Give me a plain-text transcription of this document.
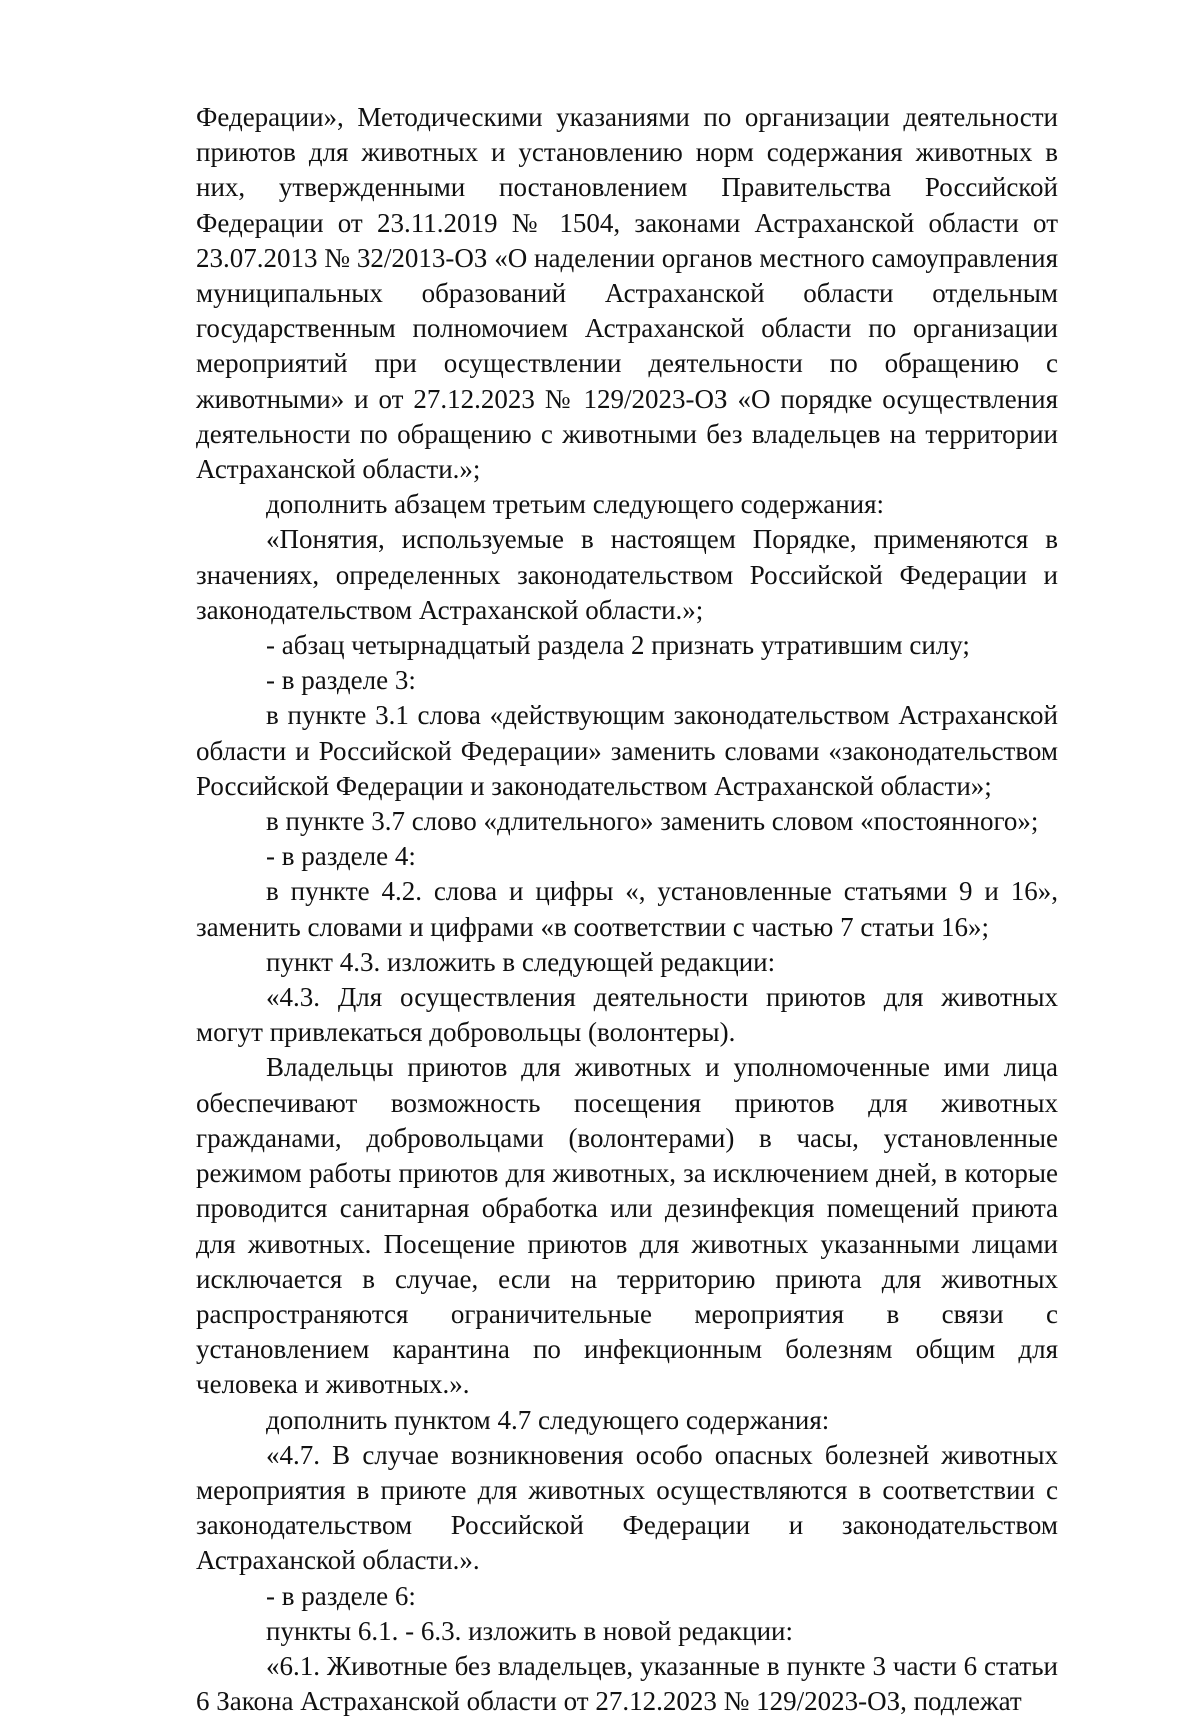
Федерации», Методическими указаниями по организации деятельности приютов для животных и установлению норм содержания животных в них, утвержденными постановлением Правительства Российской Федерации от 23.11.2019 № 1504, законами Астраханской области от 23.07.2013 № 32/2013-ОЗ «О наделении органов местного самоуправления муниципальных образований Астраханской области отдельным государственным полномочием Астраханской области по организации мероприятий при осуществлении деятельности по обращению с животными» и от 27.12.2023 № 129/2023-ОЗ «О порядке осуществления деятельности по обращению с животными без владельцев на территории Астраханской области.»;

дополнить абзацем третьим следующего содержания:

«Понятия, используемые в настоящем Порядке, применяются в значениях, определенных законодательством Российской Федерации и законодательством Астраханской области.»;

- абзац четырнадцатый раздела 2 признать утратившим силу;

- в разделе 3:

в пункте 3.1 слова «действующим законодательством Астраханской области и Российской Федерации» заменить словами «законодательством Российской Федерации и законодательством Астраханской области»;

в пункте 3.7 слово «длительного» заменить словом «постоянного»;

- в разделе 4:

в пункте 4.2. слова и цифры «, установленные статьями 9 и 16», заменить словами и цифрами «в соответствии с частью 7 статьи 16»;

пункт 4.3. изложить в следующей редакции:

«4.3. Для осуществления деятельности приютов для животных могут привлекаться добровольцы (волонтеры).

Владельцы приютов для животных и уполномоченные ими лица обеспечивают возможность посещения приютов для животных гражданами, добровольцами (волонтерами) в часы, установленные режимом работы приютов для животных, за исключением дней, в которые проводится санитарная обработка или дезинфекция помещений приюта для животных. Посещение приютов для животных указанными лицами исключается в случае, если на территорию приюта для животных распространяются ограничительные мероприятия в связи с установлением карантина по инфекционным болезням общим для человека и животных.».

дополнить пунктом 4.7 следующего содержания:

«4.7. В случае возникновения особо опасных болезней животных мероприятия в приюте для животных осуществляются в соответствии с законодательством Российской Федерации и законодательством Астраханской области.».

- в разделе 6:

пункты 6.1. - 6.3. изложить в новой редакции:

«6.1. Животные без владельцев, указанные в пункте 3 части 6 статьи 6 Закона Астраханской области от 27.12.2023 № 129/2023-ОЗ, подлежат
